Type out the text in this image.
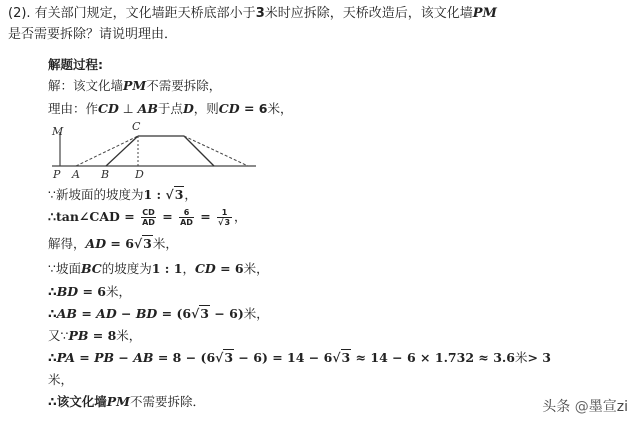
(2). 有关部门规定，文化墙距天桥底部小于3米时应拆除，天桥改造后，该文化墙PM
是否需要拆除？请说明理由．
解题过程:
解：该文化墙PM不需要拆除，
理由：作CD ⊥ AB于点D，则CD = 6米，
M
P A B D
C
∵新坡面的坡度为1 : √3，
∴tan∠CAD = $\frac{CD}{AD} = \frac{6}{AD} = \frac{1}{√3}$ ，
解得，AD = 6√3米，
∵坡面BC的坡度为1 : 1，CD = 6米，
∴BD = 6米，
∴AB = AD − BD = (6√3 − 6)米，
又∵PB = 8米，
∴PA = PB − AB = 8 − (6√3 − 6) = 14 − 6√3 ≈ 14 − 6 × 1.732 ≈ 3.6米> 3
米，
∴该文化墙PM不需要拆除．	头条 @墨宣zi
